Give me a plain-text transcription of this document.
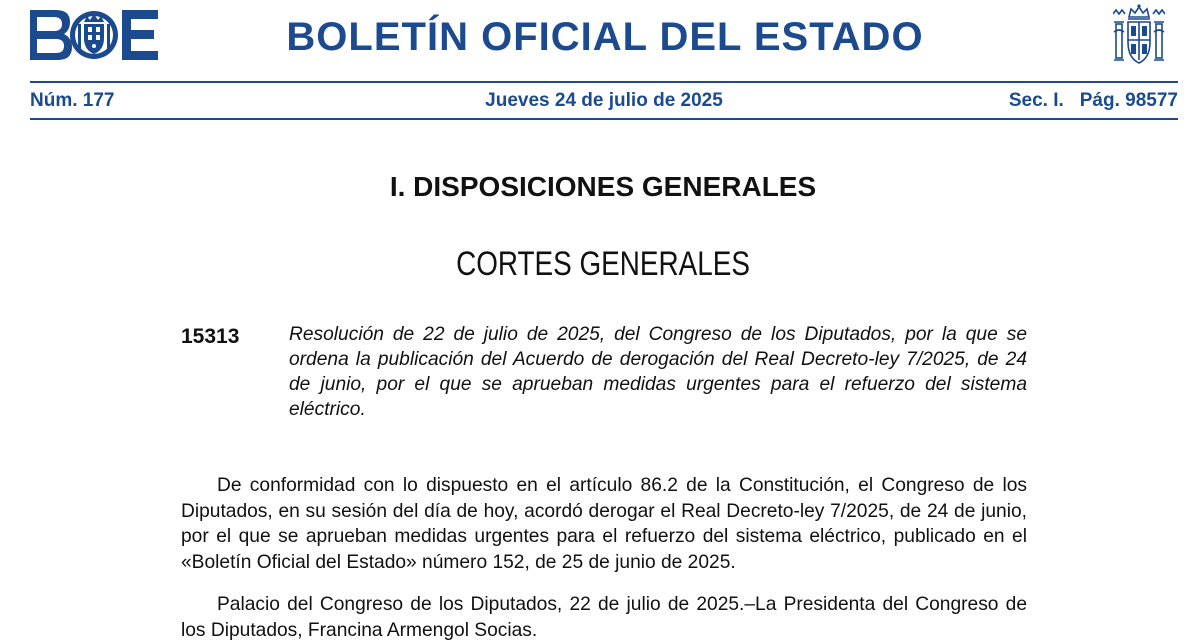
BOLETÍN OFICIAL DEL ESTADO
Núm. 177	Jueves 24 de julio de 2025	Sec. I. Pág. 98577
I. DISPOSICIONES GENERALES
CORTES GENERALES
15313	Resolución de 22 de julio de 2025, del Congreso de los Diputados, por la que se ordena la publicación del Acuerdo de derogación del Real Decreto-ley 7/2025, de 24 de junio, por el que se aprueban medidas urgentes para el refuerzo del sistema eléctrico.

De conformidad con lo dispuesto en el artículo 86.2 de la Constitución, el Congreso de los Diputados, en su sesión del día de hoy, acordó derogar el Real Decreto-ley 7/2025, de 24 de junio, por el que se aprueban medidas urgentes para el refuerzo del sistema eléctrico, publicado en el «Boletín Oficial del Estado» número 152, de 25 de junio de 2025.

Palacio del Congreso de los Diputados, 22 de julio de 2025.–La Presidenta del Congreso de los Diputados, Francina Armengol Socias.
